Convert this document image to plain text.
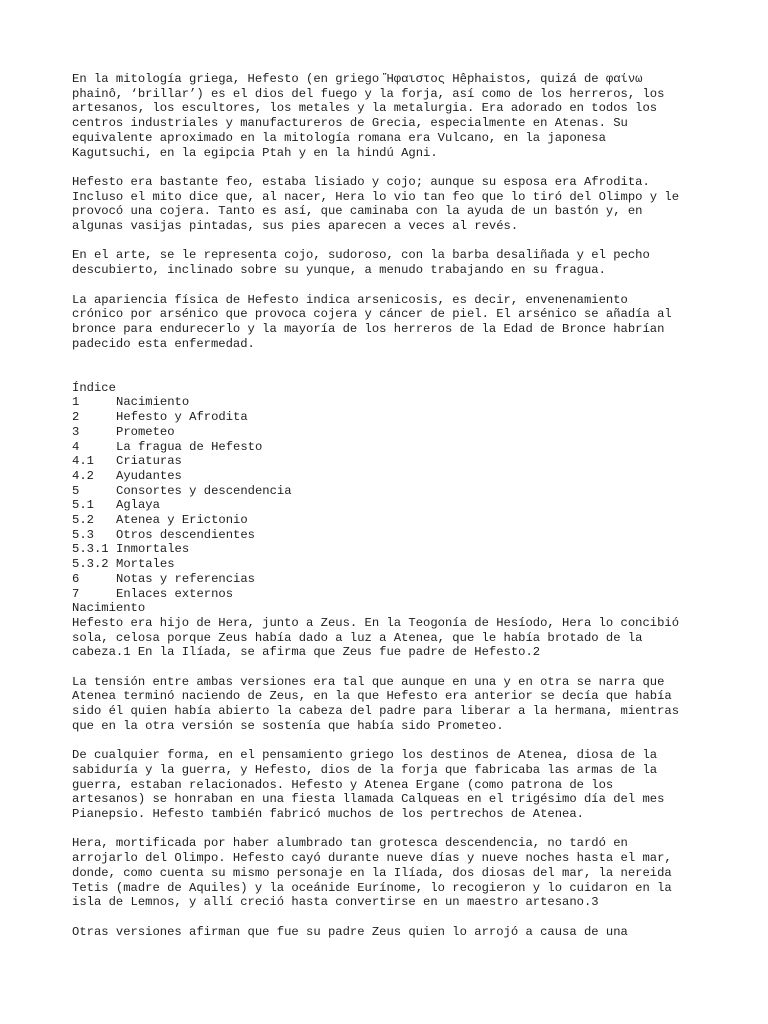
En la mitología griega, Hefesto (en griego Ἥφαιστος Hêphaistos, quizá de φαίνω
phainô, ‘brillar’) es el dios del fuego y la forja, así como de los herreros, los
artesanos, los escultores, los metales y la metalurgia. Era adorado en todos los
centros industriales y manufactureros de Grecia, especialmente en Atenas. Su
equivalente aproximado en la mitología romana era Vulcano, en la japonesa
Kagutsuchi, en la egipcia Ptah y en la hindú Agni.
Hefesto era bastante feo, estaba lisiado y cojo; aunque su esposa era Afrodita.
Incluso el mito dice que, al nacer, Hera lo vio tan feo que lo tiró del Olimpo y le
provocó una cojera. Tanto es así, que caminaba con la ayuda de un bastón y, en
algunas vasijas pintadas, sus pies aparecen a veces al revés.
En el arte, se le representa cojo, sudoroso, con la barba desaliñada y el pecho
descubierto, inclinado sobre su yunque, a menudo trabajando en su fragua.
La apariencia física de Hefesto indica arsenicosis, es decir, envenenamiento
crónico por arsénico que provoca cojera y cáncer de piel. El arsénico se añadía al
bronce para endurecerlo y la mayoría de los herreros de la Edad de Bronce habrían
padecido esta enfermedad.
Índice
1	Nacimiento
2	Hefesto y Afrodita
3	Prometeo
4	La fragua de Hefesto
4.1 Criaturas
4.2 Ayudantes
5	Consortes y descendencia
5.1 Aglaya
5.2 Atenea y Erictonio
5.3 Otros descendientes
5.3.1 Inmortales
5.3.2 Mortales
6	Notas y referencias
7	Enlaces externos
Nacimiento
Hefesto era hijo de Hera, junto a Zeus. En la Teogonía de Hesíodo, Hera lo concibió
sola, celosa porque Zeus había dado a luz a Atenea, que le había brotado de la
cabeza.1 En la Ilíada, se afirma que Zeus fue padre de Hefesto.2
La tensión entre ambas versiones era tal que aunque en una y en otra se narra que
Atenea terminó naciendo de Zeus, en la que Hefesto era anterior se decía que había
sido él quien había abierto la cabeza del padre para liberar a la hermana, mientras
que en la otra versión se sostenía que había sido Prometeo.
De cualquier forma, en el pensamiento griego los destinos de Atenea, diosa de la
sabiduría y la guerra, y Hefesto, dios de la forja que fabricaba las armas de la
guerra, estaban relacionados. Hefesto y Atenea Ergane (como patrona de los
artesanos) se honraban en una fiesta llamada Calqueas en el trigésimo día del mes
Pianepsio. Hefesto también fabricó muchos de los pertrechos de Atenea.
Hera, mortificada por haber alumbrado tan grotesca descendencia, no tardó en
arrojarlo del Olimpo. Hefesto cayó durante nueve días y nueve noches hasta el mar,
donde, como cuenta su mismo personaje en la Ilíada, dos diosas del mar, la nereida
Tetis (madre de Aquiles) y la oceánide Eurínome, lo recogieron y lo cuidaron en la
isla de Lemnos, y allí creció hasta convertirse en un maestro artesano.3
Otras versiones afirman que fue su padre Zeus quien lo arrojó a causa de una
